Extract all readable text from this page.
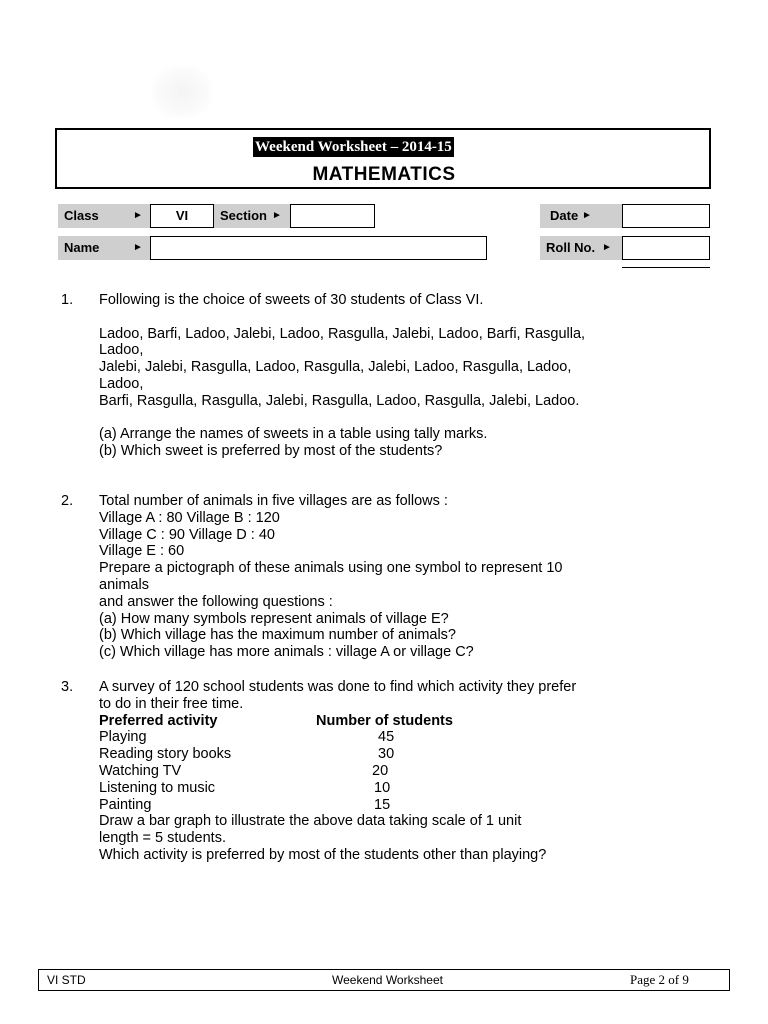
Weekend Worksheet – 2014-15
MATHEMATICS
Class	►	VI	Section ►	Date ►
Name	►	Roll No. ►
1. Following is the choice of sweets of 30 students of Class VI.
Ladoo, Barfi, Ladoo, Jalebi, Ladoo, Rasgulla, Jalebi, Ladoo, Barfi, Rasgulla,
Ladoo,
Jalebi, Jalebi, Rasgulla, Ladoo, Rasgulla, Jalebi, Ladoo, Rasgulla, Ladoo,
Ladoo,
Barfi, Rasgulla, Rasgulla, Jalebi, Rasgulla, Ladoo, Rasgulla, Jalebi, Ladoo.
(a) Arrange the names of sweets in a table using tally marks.
(b) Which sweet is preferred by most of the students?
2. Total number of animals in five villages are as follows :
Village A : 80 Village B : 120
Village C : 90 Village D : 40
Village E : 60
Prepare a pictograph of these animals using one symbol to represent 10
animals
and answer the following questions :
(a) How many symbols represent animals of village E?
(b) Which village has the maximum number of animals?
(c) Which village has more animals : village A or village C?
3. A survey of 120 school students was done to find which activity they prefer
to do in their free time.
Preferred activity	Number of students
Playing	45
Reading story books	30
Watching TV	20
Listening to music	10
Painting	15
Draw a bar graph to illustrate the above data taking scale of 1 unit
length = 5 students.
Which activity is preferred by most of the students other than playing?
VI STD	Weekend Worksheet	Page 2 of 9
